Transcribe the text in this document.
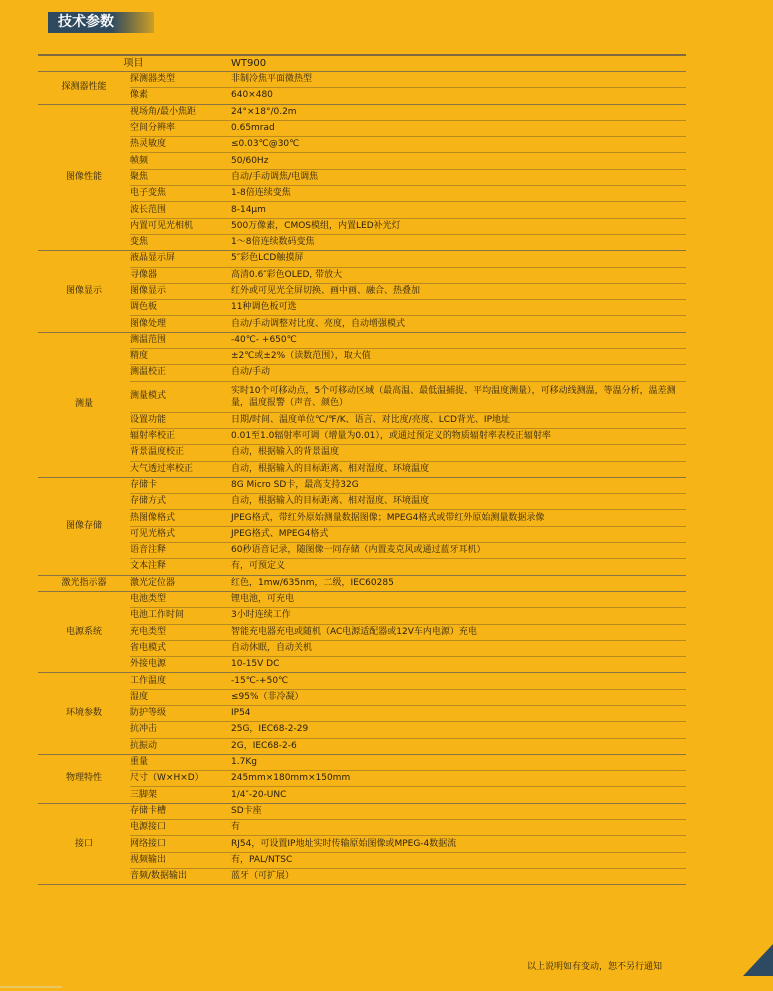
技术参数
项目		WT900
探测器性能	探测器类型	非制冷焦平面微热型
	像素	640×480
图像性能	视场角/最小焦距	24°×18°/0.2m
	空间分辨率	0.65mrad
	热灵敏度	≤0.03℃@30℃
	帧频	50/60Hz
	聚焦	自动/手动调焦/电调焦
	电子变焦	1-8倍连续变焦
	波长范围	8-14μm
	内置可见光相机	500万像素，CMOS模组，内置LED补光灯
	变焦	1～8倍连续数码变焦
图像显示	液晶显示屏	5″彩色LCD触摸屏
	寻像器	高清0.6″彩色OLED, 带放大
	图像显示	红外或可见光全屏切换、画中画、融合、热叠加
	调色板	11种调色板可选
	图像处理	自动/手动调整对比度、亮度，自动增强模式
测量	测温范围	-40℃- +650℃
	精度	±2℃或±2%（读数范围），取大值
	测温校正	自动/手动
	测量模式	实时10个可移动点，5个可移动区域（最高温、最低温捕捉、平均温度测量），可移动线测温，等温分析，温差测量，温度报警（声音、颜色）
	设置功能	日期/时间、温度单位℃/℉/K、语言、对比度/亮度、LCD背光、IP地址
	辐射率校正	0.01至1.0辐射率可调（增量为0.01），或通过预定义的物质辐射率表校正辐射率
	背景温度校正	自动，根据输入的背景温度
	大气透过率校正	自动，根据输入的目标距离、相对湿度、环境温度
图像存储	存储卡	8G Micro SD卡，最高支持32G
	存储方式	自动，根据输入的目标距离、相对湿度、环境温度
	热图像格式	JPEG格式，带红外原始测量数据图像；MPEG4格式或带红外原始测量数据录像
	可见光格式	JPEG格式、MPEG4格式
	语音注释	60秒语音记录，随图像一同存储（内置麦克风或通过蓝牙耳机）
	文本注释	有，可预定义
激光指示器	激光定位器	红色，1mw/635nm，二级，IEC60285
电源系统	电池类型	锂电池，可充电
	电池工作时间	3小时连续工作
	充电类型	智能充电器充电或随机（AC电源适配器或12V车内电源）充电
	省电模式	自动休眠，自动关机
	外接电源	10-15V DC
环境参数	工作温度	-15℃-+50℃
	湿度	≤95%（非冷凝）
	防护等级	IP54
	抗冲击	25G，IEC68-2-29
	抗振动	2G，IEC68-2-6
物理特性	重量	1.7Kg
	尺寸（W×H×D）	245mm×180mm×150mm
	三脚架	1/4″-20-UNC
接口	存储卡槽	SD卡座
	电源接口	有
	网络接口	RJ54，可设置IP地址实时传输原始图像或MPEG-4数据流
	视频输出	有，PAL/NTSC
	音频/数据输出	蓝牙（可扩展）
以上说明如有变动，恕不另行通知
